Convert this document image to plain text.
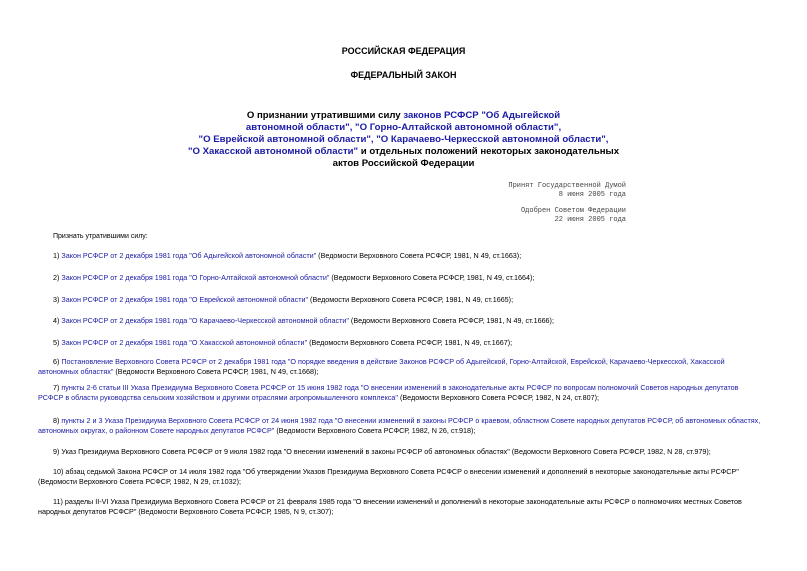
РОССИЙСКАЯ ФЕДЕРАЦИЯ
ФЕДЕРАЛЬНЫЙ ЗАКОН
О признании утратившими силу законов РСФСР "Об Адыгейской
автономной области", "О Горно-Алтайской автономной области",
"О Еврейской автономной области", "О Карачаево-Черкесской автономной области",
"О Хакасской автономной области" и отдельных положений некоторых законодательных
актов Российской Федерации
Принят Государственной Думой
8 июня 2005 года
Одобрен Советом Федерации
22 июня 2005 года
Признать утратившими силу:
1) Закон РСФСР от 2 декабря 1981 года "Об Адыгейской автономной области" (Ведомости Верховного Совета РСФСР, 1981, N 49, ст.1663);
2) Закон РСФСР от 2 декабря 1981 года "О Горно-Алтайской автономной области" (Ведомости Верховного Совета РСФСР, 1981, N 49, ст.1664);
3) Закон РСФСР от 2 декабря 1981 года "О Еврейской автономной области" (Ведомости Верховного Совета РСФСР, 1981, N 49, ст.1665);
4) Закон РСФСР от 2 декабря 1981 года "О Карачаево-Черкесской автономной области" (Ведомости Верховного Совета РСФСР, 1981, N 49, ст.1666);
5) Закон РСФСР от 2 декабря 1981 года "О Хакасской автономной области" (Ведомости Верховного Совета РСФСР, 1981, N 49, ст.1667);
6) Постановление Верховного Совета РСФСР от 2 декабря 1981 года "О порядке введения в действие Законов РСФСР об Адыгейской, Горно-Алтайской, Еврейской, Карачаево-Черкесской, Хакасской
автономных областях" (Ведомости Верховного Совета РСФСР, 1981, N 49, ст.1668);
7) пункты 2-6 статьи III Указа Президиума Верховного Совета РСФСР от 15 июня 1982 года "О внесении изменений в законодательные акты РСФСР по вопросам полномочий Советов народных депутатов
РСФСР в области руководства сельским хозяйством и другими отраслями агропромышленного комплекса" (Ведомости Верховного Совета РСФСР, 1982, N 24, ст.807);
8) пункты 2 и 3 Указа Президиума Верховного Совета РСФСР от 24 июня 1982 года "О внесении изменений в законы РСФСР о краевом, областном Совете народных депутатов РСФСР, об автономных областях,
автономных округах, о районном Совете народных депутатов РСФСР" (Ведомости Верховного Совета РСФСР, 1982, N 26, ст.918);
9) Указ Президиума Верховного Совета РСФСР от 9 июля 1982 года "О внесении изменений в законы РСФСР об автономных областях" (Ведомости Верховного Совета РСФСР, 1982, N 28, ст.979);
10) абзац седьмой Закона РСФСР от 14 июля 1982 года "Об утверждении Указов Президиума Верховного Совета РСФСР о внесении изменений и дополнений в некоторые законодательные акты РСФСР"
(Ведомости Верховного Совета РСФСР, 1982, N 29, ст.1032);
11) разделы II-VI Указа Президиума Верховного Совета РСФСР от 21 февраля 1985 года "О внесении изменений и дополнений в некоторые законодательные акты РСФСР о полномочиях местных Советов
народных депутатов РСФСР" (Ведомости Верховного Совета РСФСР, 1985, N 9, ст.307);
